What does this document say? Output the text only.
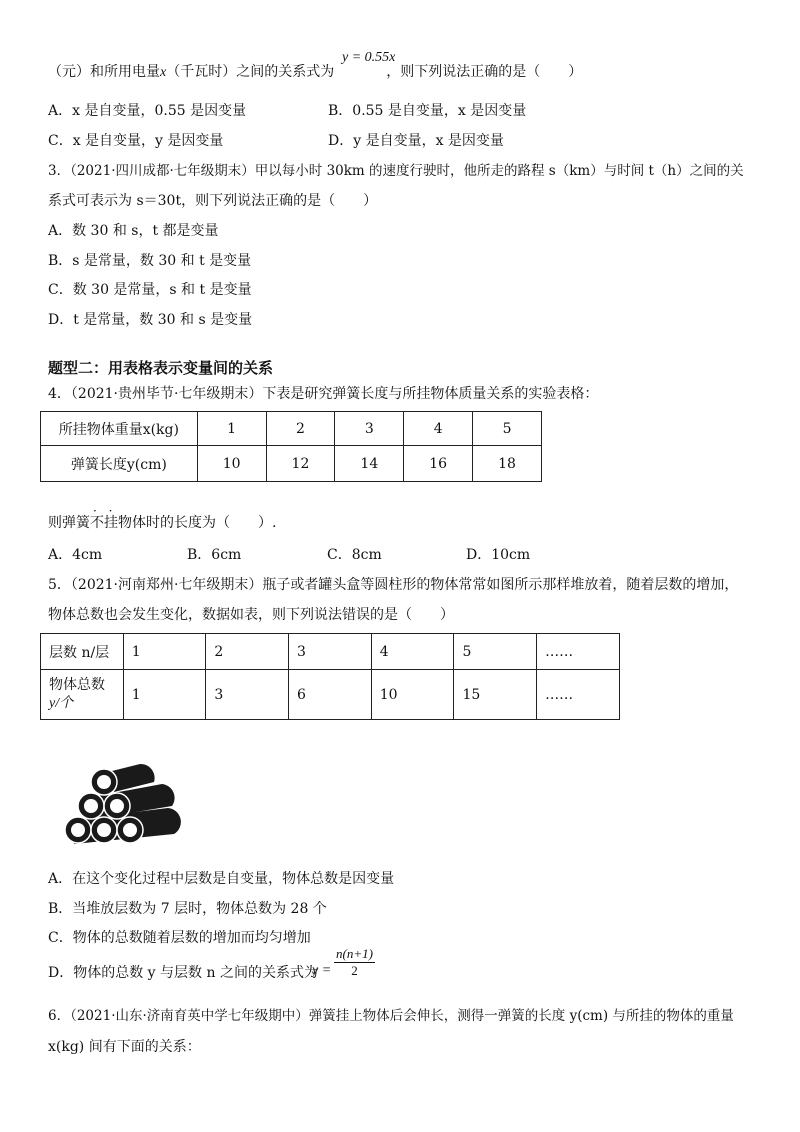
y = 0.55x
（元）和所用电量x（千瓦时）之间的关系式为	，则下列说法正确的是（　　）
A．x 是自变量，0.55 是因变量	B．0.55 是自变量，x 是因变量
C．x 是自变量，y 是因变量	D．y 是自变量，x 是因变量
3．（2021·四川成都·七年级期末）甲以每小时 30km 的速度行驶时，他所走的路程 s（km）与时间 t（h）之间的关
系式可表示为 s＝30t，则下列说法正确的是（　　）
A．数 30 和 s，t 都是变量
B．s 是常量，数 30 和 t 是变量
C．数 30 是常量，s 和 t 是变量
D．t 是常量，数 30 和 s 是变量
题型二：用表格表示变量间的关系
4．（2021·贵州毕节·七年级期末）下表是研究弹簧长度与所挂物体质量关系的实验表格：
所挂物体重量x(kg)	1	2	3	4	5
弹簧长度y(cm)	10	12	14	16	18
· ·
则弹簧不挂物体时的长度为（　　）.
A．4cm	B．6cm	C．8cm	D．10cm
5．（2021·河南郑州·七年级期末）瓶子或者罐头盒等圆柱形的物体常常如图所示那样堆放着，随着层数的增加，
物体总数也会发生变化，数据如表，则下列说法错误的是（　　）
层数 n/层	1	2	3	4	5	……
物体总数
y/个	1	3	6	10	15	……
A．在这个变化过程中层数是自变量，物体总数是因变量
B．当堆放层数为 7 层时，物体总数为 28 个
C．物体的总数随着层数的增加而均匀增加
D．物体的总数 y 与层数 n 之间的关系式为
$y = \frac{n(n+1)}{2}$
6．（2021·山东·济南育英中学七年级期中）弹簧挂上物体后会伸长，测得一弹簧的长度 y(cm) 与所挂的物体的重量
x(kg) 间有下面的关系：
